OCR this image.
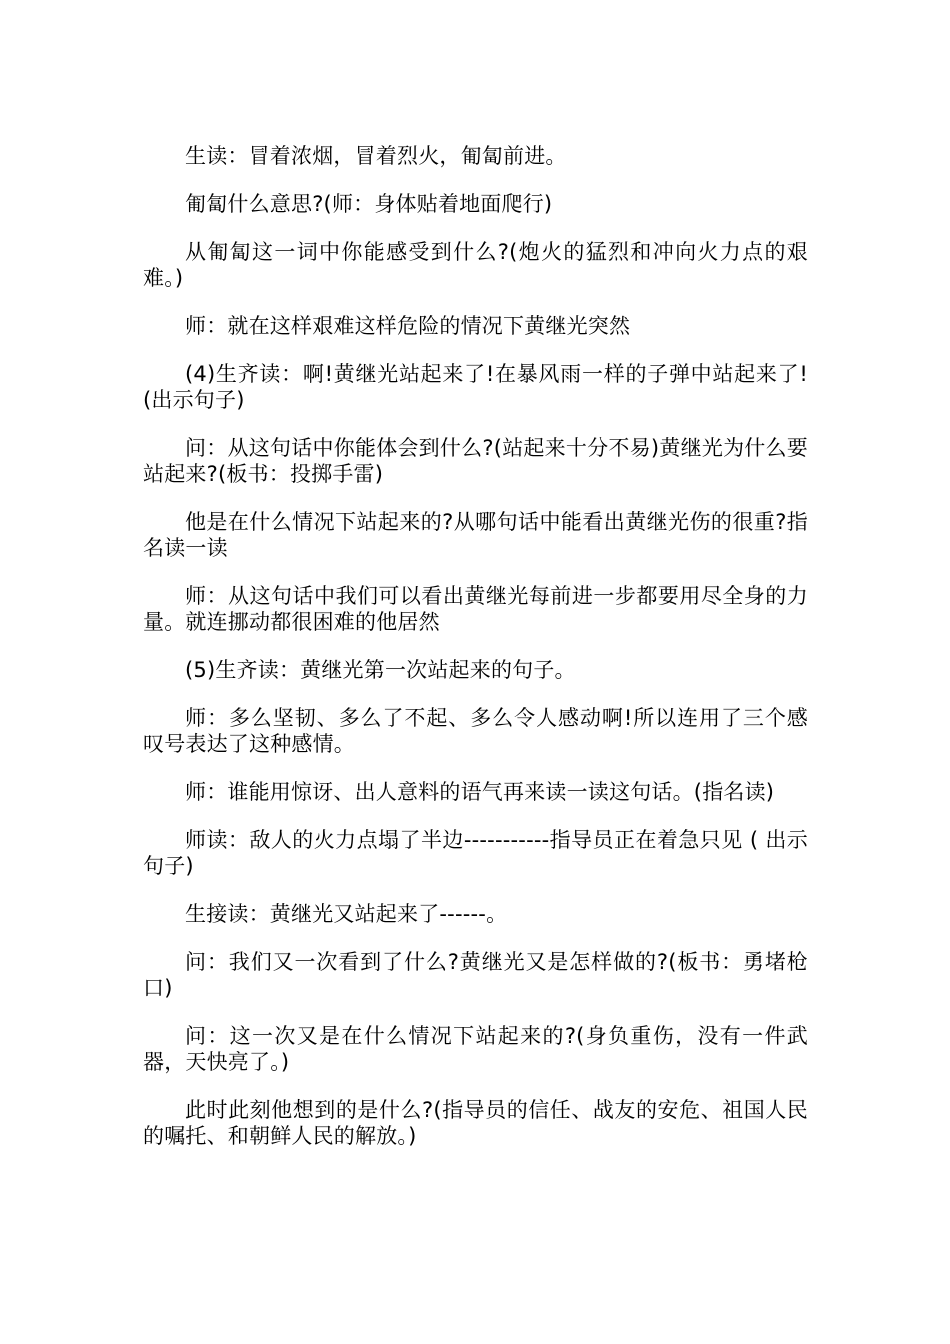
生读：冒着浓烟，冒着烈火，匍匐前进。

匍匐什么意思?(师：身体贴着地面爬行)

从匍匐这一词中你能感受到什么?(炮火的猛烈和冲向火力点的艰难。)

师：就在这样艰难这样危险的情况下黄继光突然

(4)生齐读：啊!黄继光站起来了!在暴风雨一样的子弹中站起来了!(出示句子)

问：从这句话中你能体会到什么?(站起来十分不易)黄继光为什么要站起来?(板书：投掷手雷)

他是在什么情况下站起来的?从哪句话中能看出黄继光伤的很重?指名读一读

师：从这句话中我们可以看出黄继光每前进一步都要用尽全身的力量。就连挪动都很困难的他居然

(5)生齐读：黄继光第一次站起来的句子。

师：多么坚韧、多么了不起、多么令人感动啊!所以连用了三个感叹号表达了这种感情。

师：谁能用惊讶、出人意料的语气再来读一读这句话。(指名读)

师读：敌人的火力点塌了半边-----------指导员正在着急只见 ( 出示句子)

生接读：黄继光又站起来了------。

问：我们又一次看到了什么?黄继光又是怎样做的?(板书：勇堵枪口)

问：这一次又是在什么情况下站起来的?(身负重伤，没有一件武器，天快亮了。)

此时此刻他想到的是什么?(指导员的信任、战友的安危、祖国人民的嘱托、和朝鲜人民的解放。)
